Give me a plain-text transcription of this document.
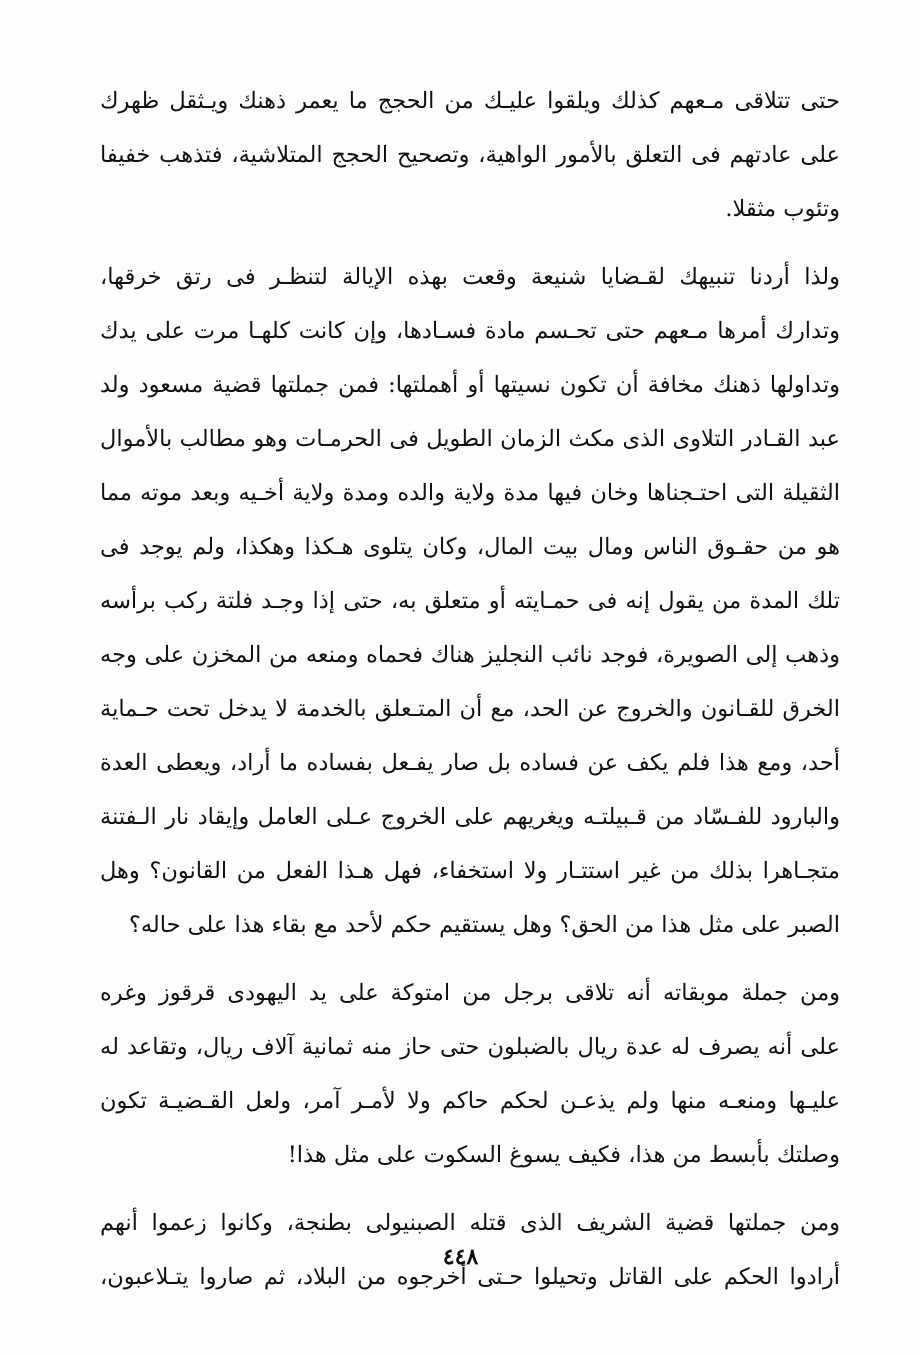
حتى تتلاقى مـعهم كذلك ويلقوا عليـك من الحجج ما يعمر ذهنك ويـثقل ظهرك
على عادتهم فى التعلق بالأمور الواهية، وتصحيح الحجج المتلاشية، فتذهب خفيفا
وتئوب مثقلا.
ولذا أردنا تنبيهك لقـضايا شنيعة وقعت بهذه الإيالة لتنظـر فى رتق خرقها،
وتدارك أمرها مـعهم حتى تحـسم مادة فسـادها، وإن كانت كلهـا مرت على يدك
وتداولها ذهنك مخافة أن تكون نسيتها أو أهملتها: فمن جملتها قضية مسعود ولد
عبد القـادر التلاوى الذى مكث الزمان الطويل فى الحرمـات وهو مطالب بالأموال
الثقيلة التى احتـجناها وخان فيها مدة ولاية والده ومدة ولاية أخـيه وبعد موته مما
هو من حقـوق الناس ومال بيت المال، وكان يتلوى هـكذا وهكذا، ولم يوجد فى
تلك المدة من يقول إنه فى حمـايته أو متعلق به، حتى إذا وجـد فلتة ركب برأسه
وذهب إلى الصويرة، فوجد نائب النجليز هناك فحماه ومنعه من المخزن على وجه
الخرق للقـانون والخروج عن الحد، مع أن المتـعلق بالخدمة لا يدخل تحت حـماية
أحد، ومع هذا فلم يكف عن فساده بل صار يفـعل بفساده ما أراد، ويعطى العدة
والبارود للفـسّاد من قـبيلتـه ويغريهم على الخروج عـلى العامل وإيقاد نار الـفتنة
متجـاهرا بذلك من غير استتـار ولا استخفاء، فهل هـذا الفعل من القانون؟ وهل
الصبر على مثل هذا من الحق؟ وهل يستقيم حكم لأحد مع بقاء هذا على حاله؟
ومن جملة موبقاته أنه تلاقى برجل من امتوكة على يد اليهودى قرقوز وغره
على أنه يصرف له عدة ريال بالضبلون حتى حاز منه ثمانية آلاف ريال، وتقاعد له
عليـها ومنعـه منها ولم يذعـن لحكم حاكم ولا لأمـر آمر، ولعل القـضيـة تكون
وصلتك بأبسط من هذا، فكيف يسوغ السكوت على مثل هذا!
ومن جملتها قضية الشريف الذى قتله الصبنيولى بطنجة، وكانوا زعموا أنهم
أرادوا الحكم على القاتل وتحيلوا حـتى أخرجوه من البلاد، ثم صاروا يتـلاعبون،
٤٤٨
